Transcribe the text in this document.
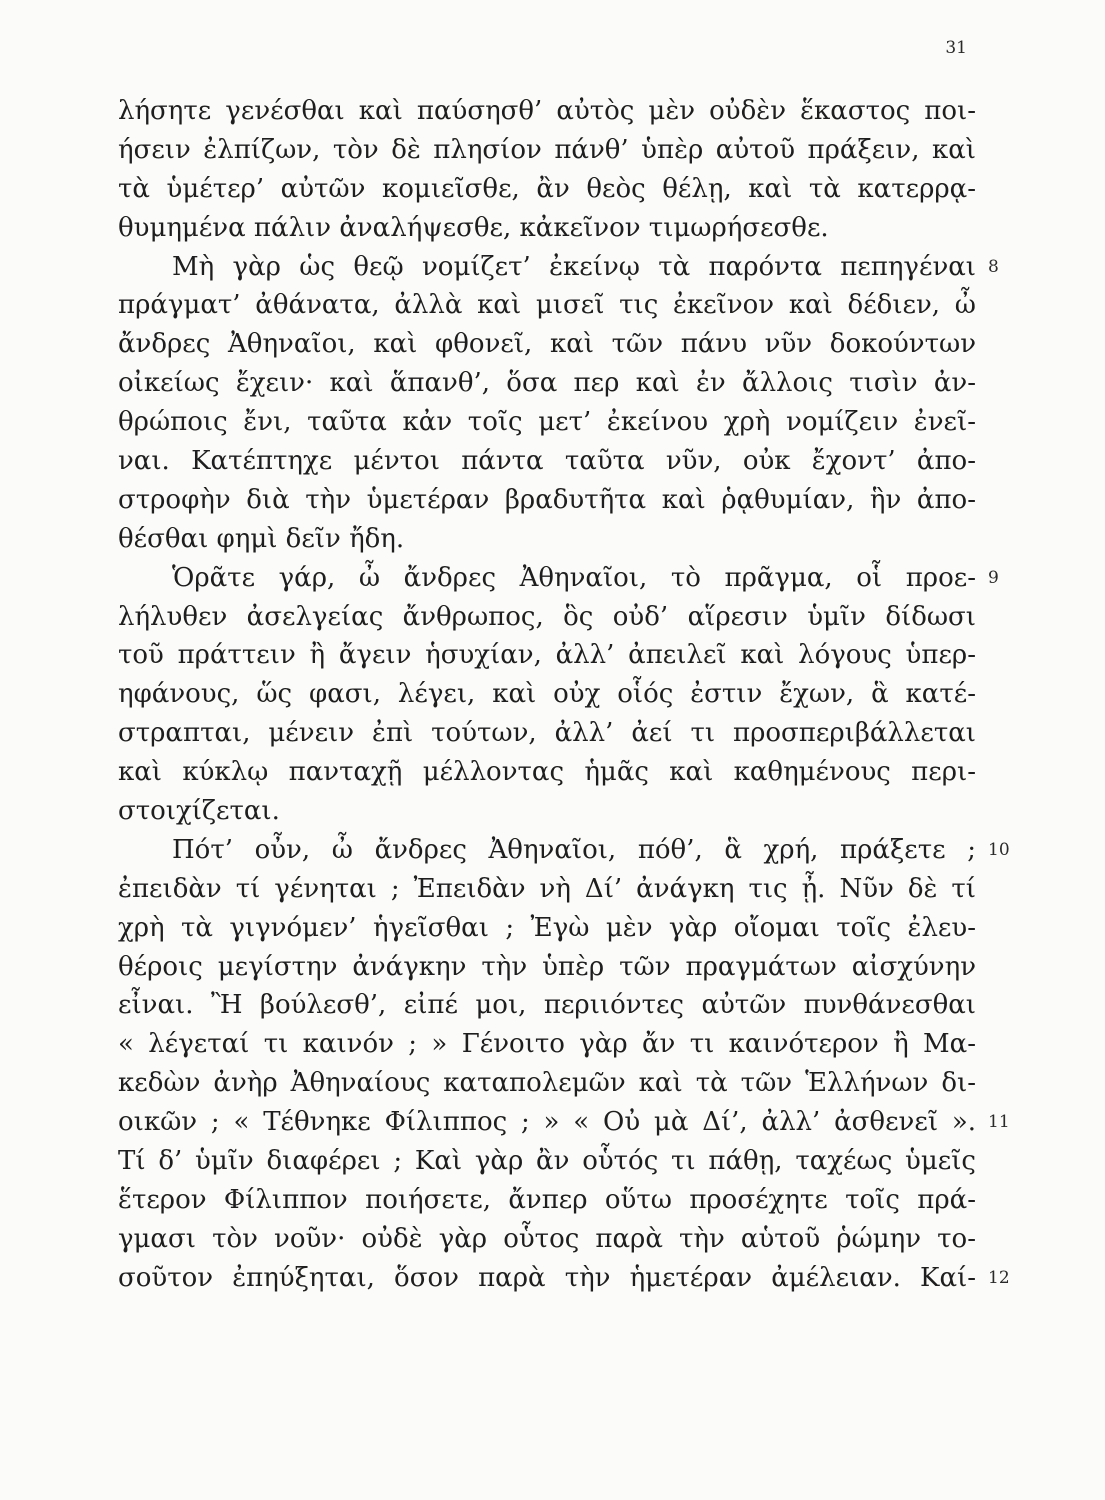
31
λήσητε γενέσθαι καὶ παύσησθ’ αὐτὸς μὲν οὐδὲν ἕκαστος ποι-
ήσειν ἐλπίζων, τὸν δὲ πλησίον πάνθ’ ὑπὲρ αὐτοῦ πράξειν, καὶ
τὰ ὑμέτερ’ αὐτῶν κομιεῖσθε, ἂν θεὸς θέλῃ, καὶ τὰ κατερρᾳ-
θυμημένα πάλιν ἀναλήψεσθε, κἀκεῖνον τιμωρήσεσθε.
Μὴ γὰρ ὡς θεῷ νομίζετ’ ἐκείνῳ τὰ παρόντα πεπηγέναι 8
πράγματ’ ἀθάνατα, ἀλλὰ καὶ μισεῖ τις ἐκεῖνον καὶ δέδιεν, ὦ
ἄνδρες Ἀθηναῖοι, καὶ φθονεῖ, καὶ τῶν πάνυ νῦν δοκούντων
οἰκείως ἔχειν· καὶ ἅπανθ’, ὅσα περ καὶ ἐν ἄλλοις τισὶν ἀν-
θρώποις ἔνι, ταῦτα κἀν τοῖς μετ’ ἐκείνου χρὴ νομίζειν ἐνεῖ-
ναι. Κατέπτηχε μέντοι πάντα ταῦτα νῦν, οὐκ ἔχοντ’ ἀπο-
στροφὴν διὰ τὴν ὑμετέραν βραδυτῆτα καὶ ῥᾳθυμίαν, ἣν ἀπο-
θέσθαι φημὶ δεῖν ἤδη.
Ὁρᾶτε γάρ, ὦ ἄνδρες Ἀθηναῖοι, τὸ πρᾶγμα, οἷ προε- 9
λήλυθεν ἀσελγείας ἄνθρωπος, ὃς οὐδ’ αἵρεσιν ὑμῖν δίδωσι
τοῦ πράττειν ἢ ἄγειν ἡσυχίαν, ἀλλ’ ἀπειλεῖ καὶ λόγους ὑπερ-
ηφάνους, ὥς φασι, λέγει, καὶ οὐχ οἷός ἐστιν ἔχων, ἃ κατέ-
στραπται, μένειν ἐπὶ τούτων, ἀλλ’ ἀεί τι προσπεριβάλλεται
καὶ κύκλῳ πανταχῇ μέλλοντας ἡμᾶς καὶ καθημένους περι-
στοιχίζεται.
Πότ’ οὖν, ὦ ἄνδρες Ἀθηναῖοι, πόθ’, ἃ χρή, πράξετε ; 10
ἐπειδὰν τί γένηται ; Ἐπειδὰν νὴ Δί’ ἀνάγκη τις ᾖ. Νῦν δὲ τί
χρὴ τὰ γιγνόμεν’ ἡγεῖσθαι ; Ἐγὼ μὲν γὰρ οἴομαι τοῖς ἐλευ-
θέροις μεγίστην ἀνάγκην τὴν ὑπὲρ τῶν πραγμάτων αἰσχύνην
εἶναι. Ἢ βούλεσθ’, εἰπέ μοι, περιιόντες αὐτῶν πυνθάνεσθαι
« λέγεταί τι καινόν ; » Γένοιτο γὰρ ἄν τι καινότερον ἢ Μα-
κεδὼν ἀνὴρ Ἀθηναίους καταπολεμῶν καὶ τὰ τῶν Ἑλλήνων δι-
οικῶν ; « Τέθνηκε Φίλιππος ; » « Οὐ μὰ Δί’, ἀλλ’ ἀσθενεῖ ». 11
Τί δ’ ὑμῖν διαφέρει ; Καὶ γὰρ ἂν οὗτός τι πάθῃ, ταχέως ὑμεῖς
ἕτερον Φίλιππον ποιήσετε, ἄνπερ οὕτω προσέχητε τοῖς πρά-
γμασι τὸν νοῦν· οὐδὲ γὰρ οὗτος παρὰ τὴν αὑτοῦ ῥώμην το-
σοῦτον ἐπηύξηται, ὅσον παρὰ τὴν ἡμετέραν ἀμέλειαν. Καί- 12
